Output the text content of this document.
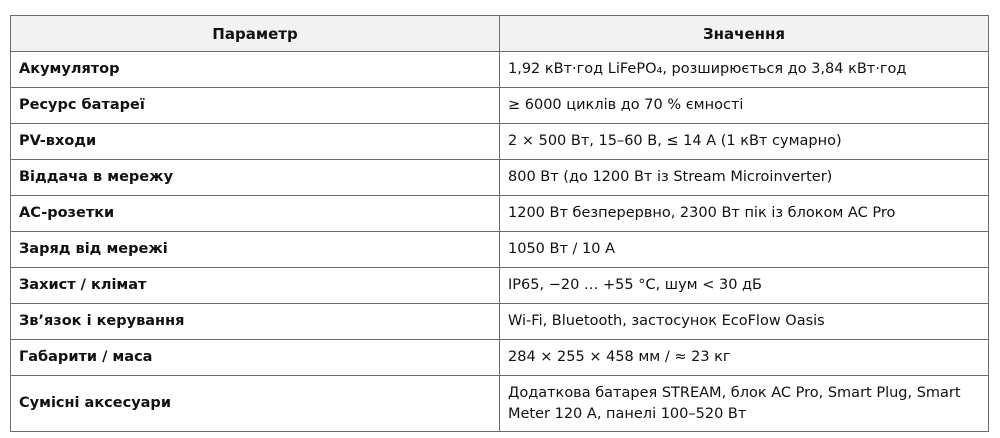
Параметр	Значення
Акумулятор	1,92 кВт·год LiFePO₄, розширюється до 3,84 кВт·год
Ресурс батареї	≥ 6000 циклів до 70 % ємності
PV-входи	2 × 500 Вт, 15–60 В, ≤ 14 А (1 кВт сумарно)
Віддача в мережу	800 Вт (до 1200 Вт із Stream Microinverter)
AC-розетки	1200 Вт безперервно, 2300 Вт пік із блоком AC Pro
Заряд від мережі	1050 Вт / 10 А
Захист / клімат	IP65, −20 … +55 °C, шум < 30 дБ
Зв’язок і керування	Wi‑Fi, Bluetooth, застосунок EcoFlow Oasis
Габарити / маса	284 × 255 × 458 мм / ≈ 23 кг
Сумісні аксесуари	Додаткова батарея STREAM, блок AC Pro, Smart Plug, Smart Meter 120 А, панелі 100–520 Вт
